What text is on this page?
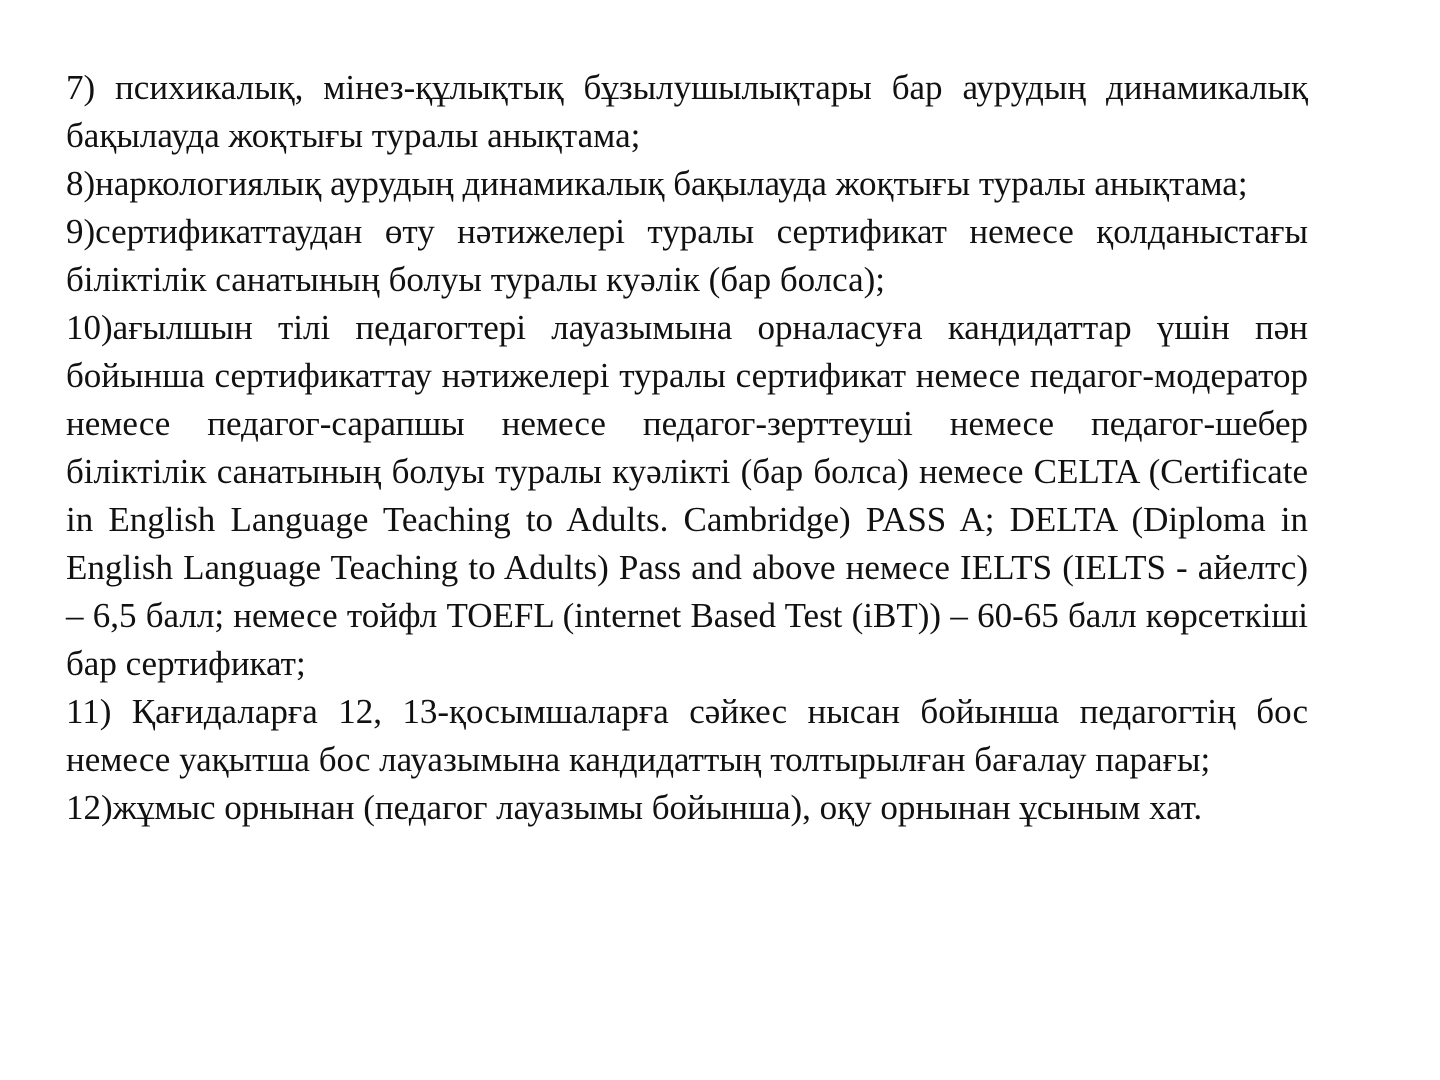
7) психикалық, мінез-құлықтық бұзылушылықтары бар аурудың динамикалық бақылауда жоқтығы туралы анықтама;

8)наркологиялық аурудың динамикалық бақылауда жоқтығы туралы анықтама;

9)сертификаттаудан өту нәтижелері туралы сертификат немесе қолданыстағы біліктілік санатының болуы туралы куәлік (бар болса);

10)ағылшын тілі педагогтері лауазымына орналасуға кандидаттар үшін пән бойынша сертификаттау нәтижелері туралы сертификат немесе педагог-модератор немесе педагог-сарапшы немесе педагог-зерттеуші немесе педагог-шебер біліктілік санатының болуы туралы куәлікті (бар болса) немесе CELTA (Certificate in English Language Teaching to Adults. Cambridge) PASS A; DELTA (Diploma in English Language Teaching to Adults) Pass and above немесе IELTS (IELTS - айелтс) – 6,5 балл; немесе тойфл TOEFL (internet Based Test (iBT)) – 60-65 балл көрсеткіші бар сертификат;

11) Қағидаларға 12, 13-қосымшаларға сәйкес нысан бойынша педагогтің бос немесе уақытша бос лауазымына кандидаттың толтырылған бағалау парағы;

12)жұмыс орнынан (педагог лауазымы бойынша), оқу орнынан ұсыным хат.
